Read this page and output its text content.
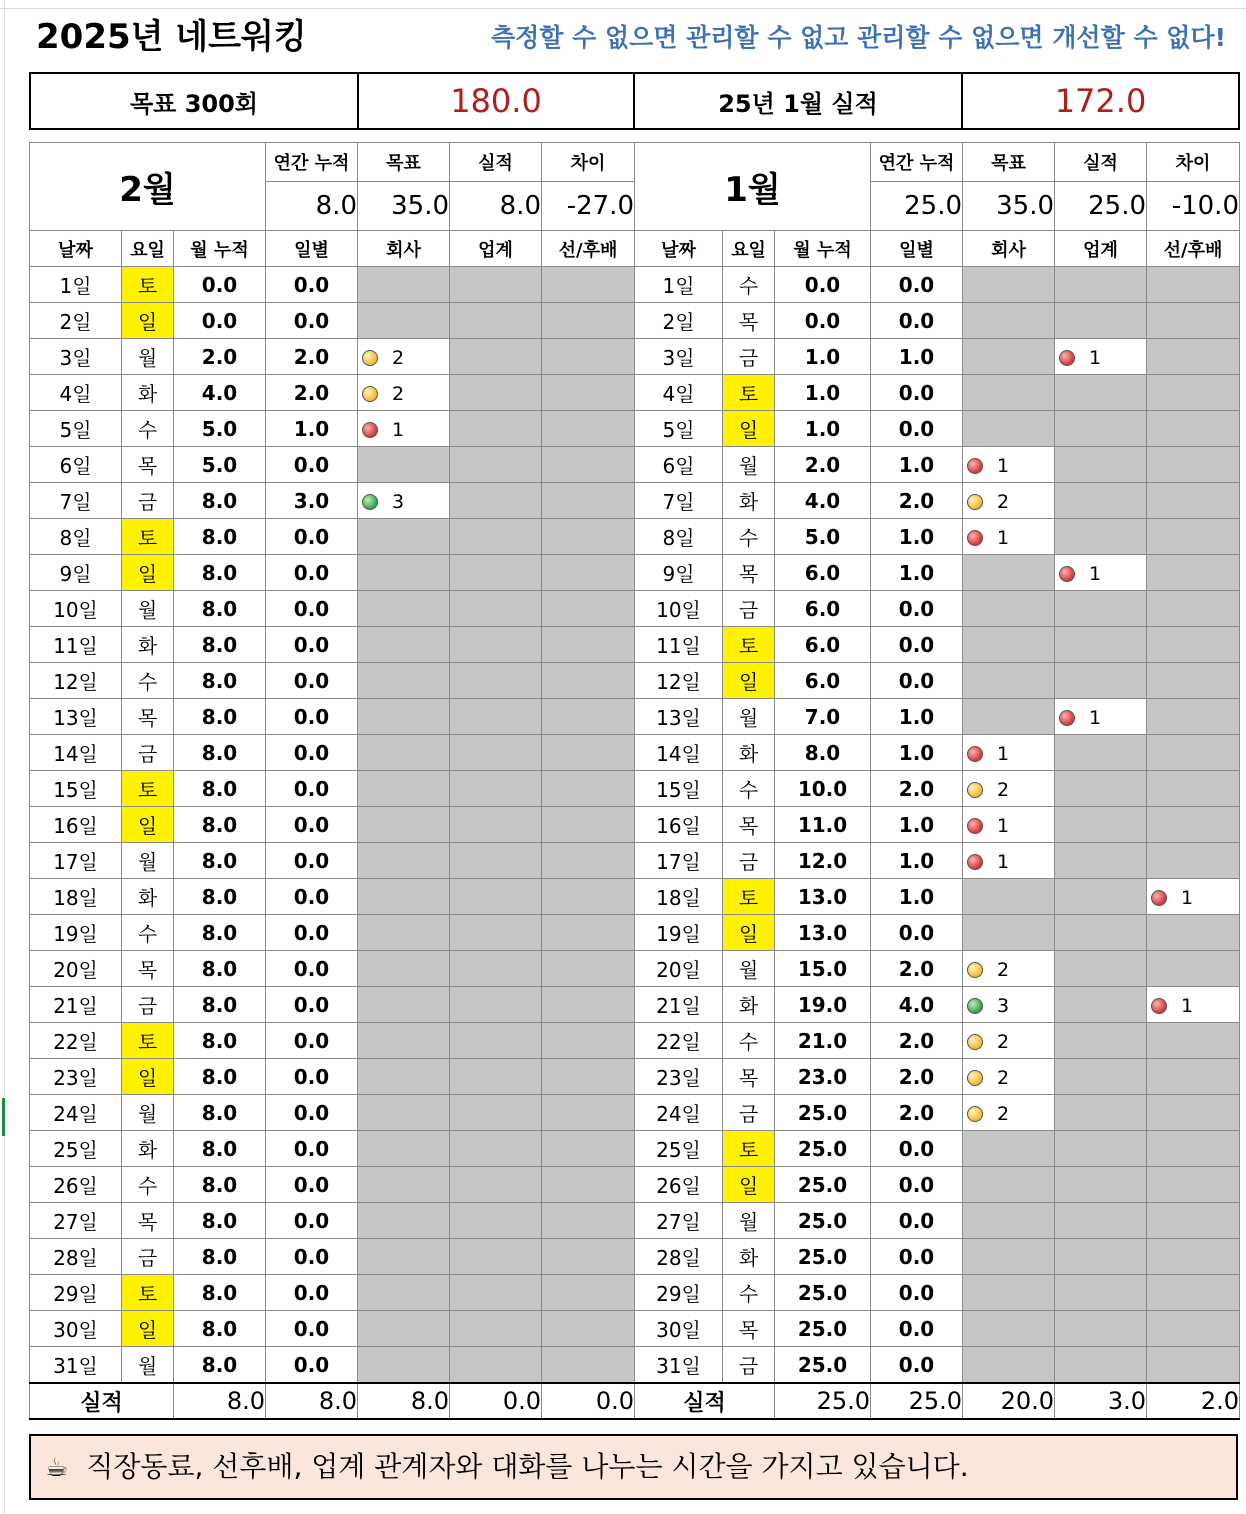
2025년 네트워킹	측정할 수 없으면 관리할 수 없고 관리할 수 없으면 개선할 수 없다!
목표 300회	180.0	25년 1월 실적	172.0
2월			연간 누적	목표	실적	차이	1월			연간 누적	목표	실적	차이
			8.0	35.0	8.0	-27.0				25.0	35.0	25.0	-10.0
날짜	요일	월 누적	일별	회사	업계	선/후배	날짜	요일	월 누적	일별	회사	업계	선/후배
1일	토	0.0	0.0				1일	수	0.0	0.0			
2일	일	0.0	0.0				2일	목	0.0	0.0			
3일	월	2.0	2.0	2			3일	금	1.0	1.0		1	
4일	화	4.0	2.0	2			4일	토	1.0	0.0			
5일	수	5.0	1.0	1			5일	일	1.0	0.0			
6일	목	5.0	0.0				6일	월	2.0	1.0	1		
7일	금	8.0	3.0	3			7일	화	4.0	2.0	2		
8일	토	8.0	0.0				8일	수	5.0	1.0	1		
9일	일	8.0	0.0				9일	목	6.0	1.0		1	
10일	월	8.0	0.0				10일	금	6.0	0.0			
11일	화	8.0	0.0				11일	토	6.0	0.0			
12일	수	8.0	0.0				12일	일	6.0	0.0			
13일	목	8.0	0.0				13일	월	7.0	1.0		1	
14일	금	8.0	0.0				14일	화	8.0	1.0	1		
15일	토	8.0	0.0				15일	수	10.0	2.0	2		
16일	일	8.0	0.0				16일	목	11.0	1.0	1		
17일	월	8.0	0.0				17일	금	12.0	1.0	1		
18일	화	8.0	0.0				18일	토	13.0	1.0			1
19일	수	8.0	0.0				19일	일	13.0	0.0			
20일	목	8.0	0.0				20일	월	15.0	2.0	2		
21일	금	8.0	0.0				21일	화	19.0	4.0	3		1
22일	토	8.0	0.0				22일	수	21.0	2.0	2		
23일	일	8.0	0.0				23일	목	23.0	2.0	2		
24일	월	8.0	0.0				24일	금	25.0	2.0	2		
25일	화	8.0	0.0				25일	토	25.0	0.0			
26일	수	8.0	0.0				26일	일	25.0	0.0			
27일	목	8.0	0.0				27일	월	25.0	0.0			
28일	금	8.0	0.0				28일	화	25.0	0.0			
29일	토	8.0	0.0				29일	수	25.0	0.0			
30일	일	8.0	0.0				30일	목	25.0	0.0			
31일	월	8.0	0.0				31일	금	25.0	0.0			
실적		8.0	8.0	8.0	0.0	0.0	실적		25.0	25.0	20.0	3.0	2.0
☕ 직장동료, 선후배, 업계 관계자와 대화를 나누는 시간을 가지고 있습니다.
